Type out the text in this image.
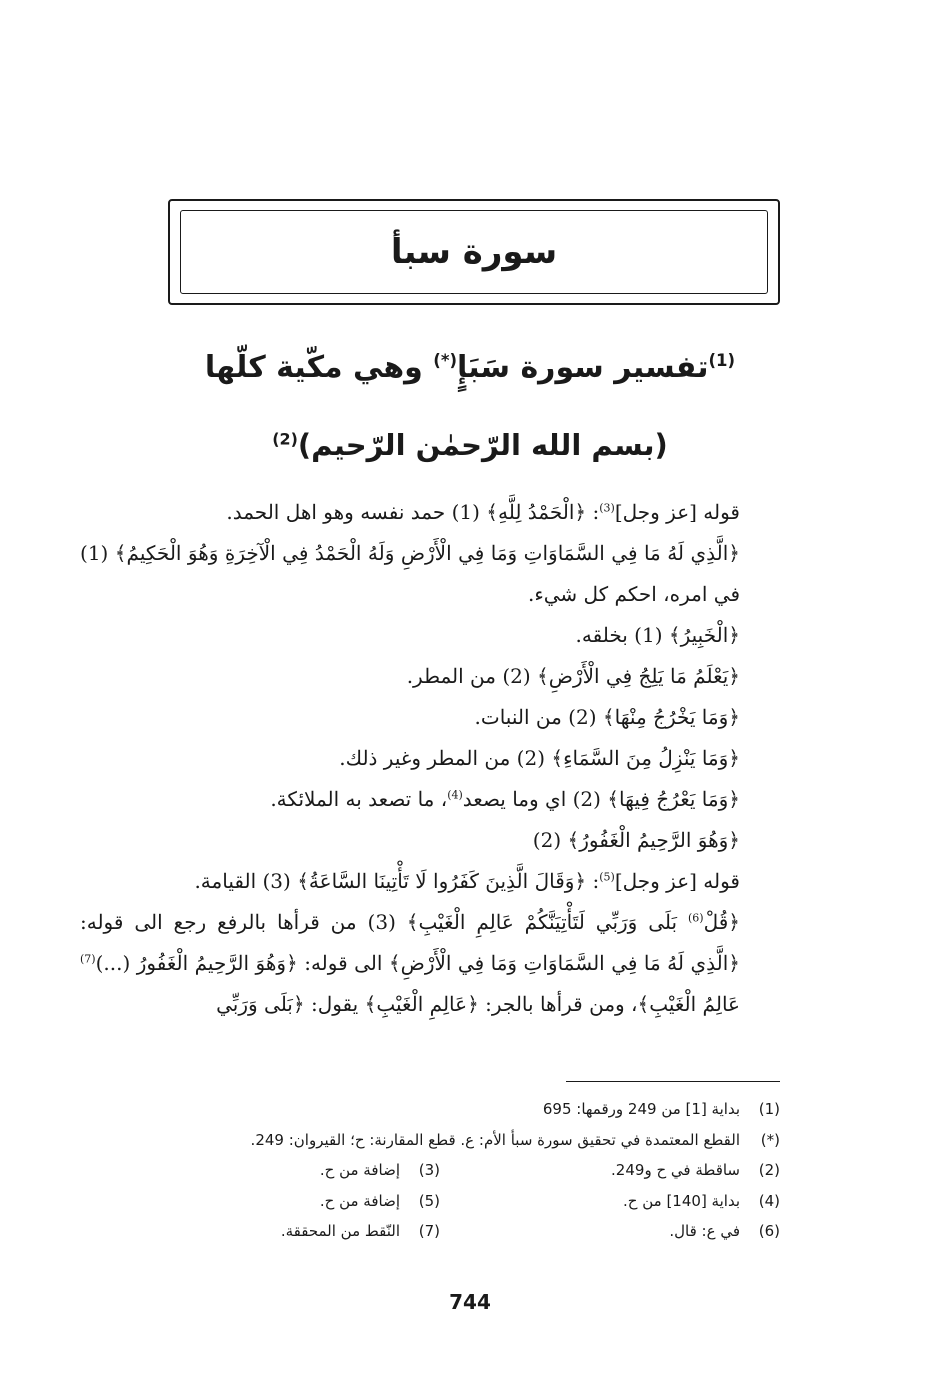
سورة سبأ
$^{(1)}$تفسير سورة سَبَإٍ(*) وهي مكّية كلّها
(بسم الله الرّحمٰن الرّحيم)$^{(2)}$

قوله [عز وجل]$^{(3)}$: ﴿الْحَمْدُ لِلَّهِ﴾ (1) حمد نفسه وهو اهل الحمد.

﴿الَّذِي لَهُ مَا فِي السَّمَاوَاتِ وَمَا فِي الْأَرْضِ وَلَهُ الْحَمْدُ فِي الْآخِرَةِ وَهُوَ الْحَكِيمُ﴾ (1) في امره، احكم كل شيء.

﴿الْخَبِيرُ﴾ (1) بخلقه.

﴿يَعْلَمُ مَا يَلِجُ فِي الْأَرْضِ﴾ (2) من المطر.

﴿وَمَا يَخْرُجُ مِنْهَا﴾ (2) من النبات.

﴿وَمَا يَنْزِلُ مِنَ السَّمَاءِ﴾ (2) من المطر وغير ذلك.

﴿وَمَا يَعْرُجُ فِيهَا﴾ (2) اي وما يصعد$^{(4)}$، ما تصعد به الملائكة.

﴿وَهُوَ الرَّحِيمُ الْغَفُورُ﴾ (2)

قوله [عز وجل]$^{(5)}$: ﴿وَقَالَ الَّذِينَ كَفَرُوا لَا تَأْتِينَا السَّاعَةُ﴾ (3) القيامة.

﴿قُلْ$^{(6)}$ بَلَى وَرَبِّي لَتَأْتِيَنَّكُمْ عَالِمِ الْغَيْبِ﴾ (3) من قرأها بالرفع رجع الى قوله: ﴿الَّذِي لَهُ مَا فِي السَّمَاوَاتِ وَمَا فِي الْأَرْضِ﴾ الى قوله: ﴿وَهُوَ الرَّحِيمُ الْغَفُورُ (...)$^{(7)}$ عَالِمُ الْغَيْبِ﴾، ومن قرأها بالجر: ﴿عَالِمِ الْغَيْبِ﴾ يقول: ﴿بَلَى وَرَبِّي

(1)بداية [1] من 249 ورقمها: 695
(*)القطع المعتمدة في تحقيق سورة سبأ الأم: ع. قطع المقارنة: ح؛ القيروان: 249.
(2)ساقطة في ح و249.
(3)إضافة من ح.
(4)بداية [140] من ح.
(5)إضافة من ح.
(6)في ع: قال.
(7)النّقط من المحققة.
744
